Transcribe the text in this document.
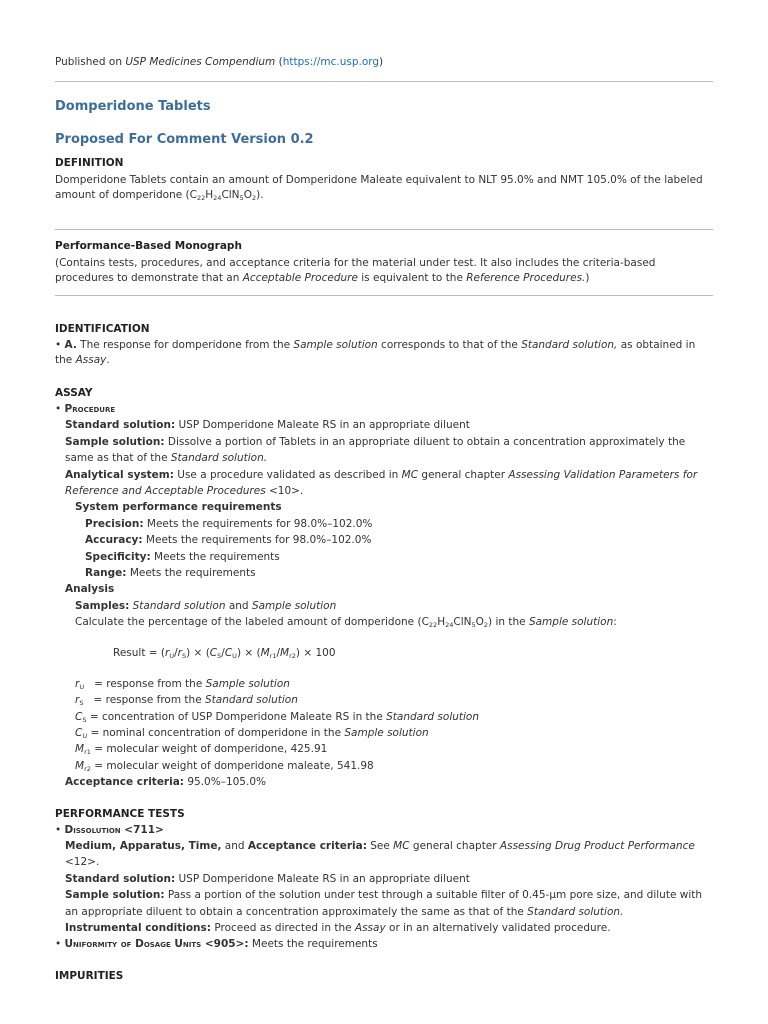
Published on USP Medicines Compendium (https://mc.usp.org)
Domperidone Tablets
Proposed For Comment Version 0.2
DEFINITION

Domperidone Tablets contain an amount of Domperidone Maleate equivalent to NLT 95.0% and NMT 105.0% of the labeled amount of domperidone $(C_{22}H_{24}ClN_5O_2)$.

Performance-Based Monograph

(Contains tests, procedures, and acceptance criteria for the material under test. It also includes the criteria-based procedures to demonstrate that an Acceptable Procedure is equivalent to the Reference Procedures.)

IDENTIFICATION

• A. The response for domperidone from the Sample solution corresponds to that of the Standard solution, as obtained in the Assay.

ASSAY
• Procedure
Standard solution: USP Domperidone Maleate RS in an appropriate diluent
Sample solution: Dissolve a portion of Tablets in an appropriate diluent to obtain a concentration approximately the same as that of the Standard solution.
Analytical system: Use a procedure validated as described in MC general chapter Assessing Validation Parameters for Reference and Acceptable Procedures <10>.
System performance requirements
Precision: Meets the requirements for 98.0%–102.0%
Accuracy: Meets the requirements for 98.0%–102.0%
Specificity: Meets the requirements
Range: Meets the requirements
Analysis
Samples: Standard solution and Sample solution
Calculate the percentage of the labeled amount of domperidone $(C_{22}H_{24}ClN_5O_2)$ in the Sample solution:
Result = $(r_U/r_S) \times (C_S/C_U) \times (M_{r1}/M_{r2}) \times 100$
$r_U$ = response from the Sample solution
$r_S$ = response from the Standard solution
$C_S$ = concentration of USP Domperidone Maleate RS in the Standard solution
$C_U$ = nominal concentration of domperidone in the Sample solution
$M_{r1}$ = molecular weight of domperidone, 425.91
$M_{r2}$ = molecular weight of domperidone maleate, 541.98
Acceptance criteria: 95.0%–105.0%
PERFORMANCE TESTS
• Dissolution <711>
Medium, Apparatus, Time, and Acceptance criteria: See MC general chapter Assessing Drug Product Performance <12>.
Standard solution: USP Domperidone Maleate RS in an appropriate diluent
Sample solution: Pass a portion of the solution under test through a suitable filter of 0.45-µm pore size, and dilute with an appropriate diluent to obtain a concentration approximately the same as that of the Standard solution.
Instrumental conditions: Proceed as directed in the Assay or in an alternatively validated procedure.
• Uniformity of Dosage Units <905>: Meets the requirements
IMPURITIES
